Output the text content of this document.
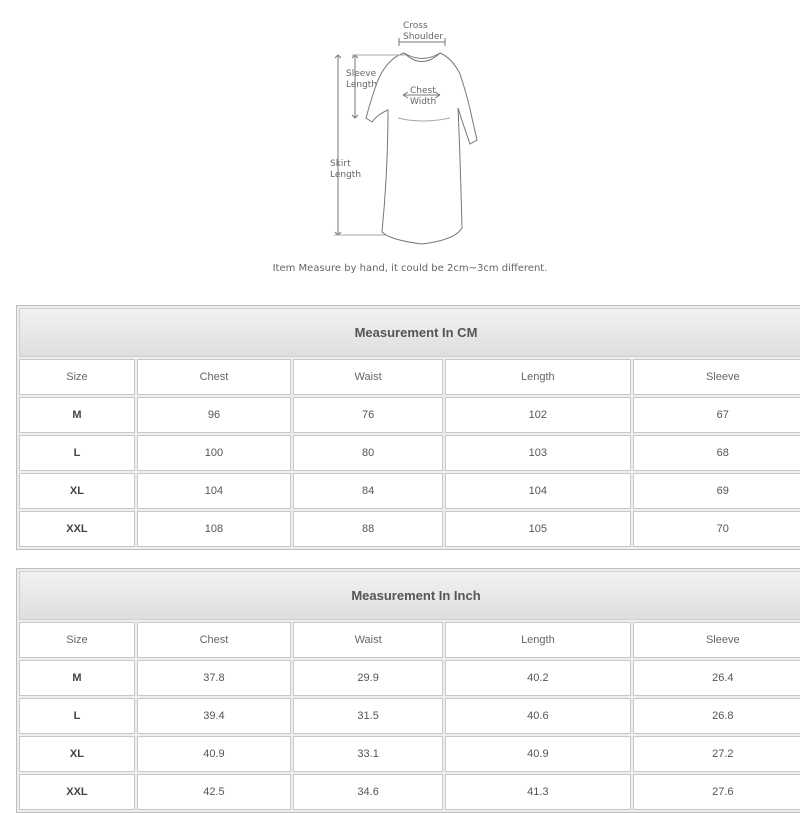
Cross
Shoulder
Sleeve
Length
Chest
Width
Skirt
Length
Item Measure by hand, it could be 2cm~3cm different.
Measurement In CM				
Size	Chest	Waist	Length	Sleeve
M	96	76	102	67
L	100	80	103	68
XL	104	84	104	69
XXL	108	88	105	70
Measurement In Inch				
Size	Chest	Waist	Length	Sleeve
M	37.8	29.9	40.2	26.4
L	39.4	31.5	40.6	26.8
XL	40.9	33.1	40.9	27.2
XXL	42.5	34.6	41.3	27.6
